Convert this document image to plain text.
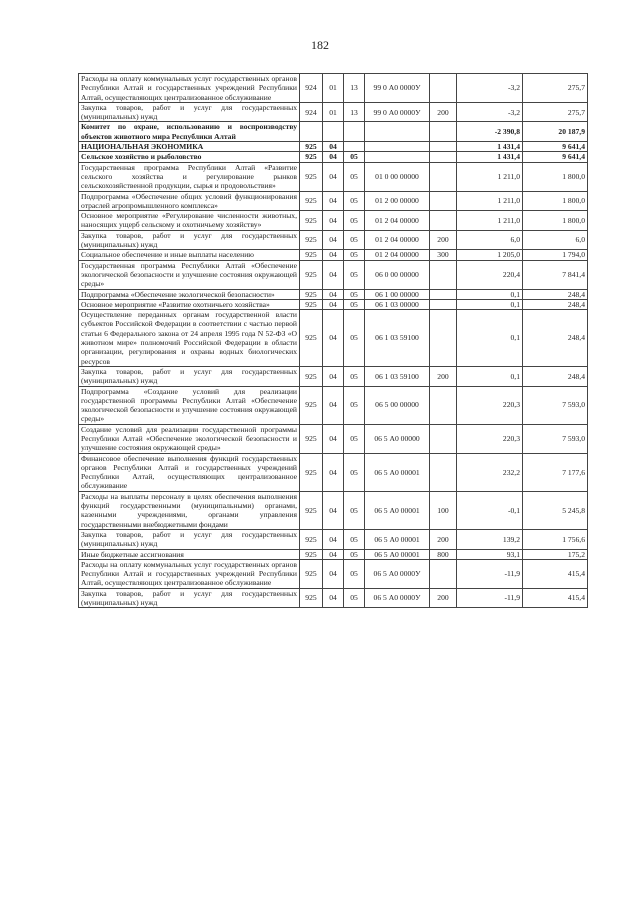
182
Расходы на оплату коммунальных услуг государственных органов Республики Алтай и государственных учреждений Республики Алтай, осуществляющих централизованное обслуживание	924	01	13	99 0 А0 0000У		-3,2	275,7
Закупка товаров, работ и услуг для государственных (муниципальных) нужд	924	01	13	99 0 А0 0000У	200	-3,2	275,7
Комитет по охране, использованию и воспроизводству объектов животного мира Республики Алтай						-2 390,8	20 187,9
НАЦИОНАЛЬНАЯ ЭКОНОМИКА	925	04				1 431,4	9 641,4
Сельское хозяйство и рыболовство	925	04	05			1 431,4	9 641,4
Государственная программа Республики Алтай «Развитие сельского хозяйства и регулирование рынков сельскохозяйственной продукции, сырья и продовольствия»	925	04	05	01 0 00 00000		1 211,0	1 800,0
Подпрограмма «Обеспечение общих условий функционирования отраслей агропромышленного комплекса»	925	04	05	01 2 00 00000		1 211,0	1 800,0
Основное мероприятие «Регулирование численности животных, наносящих ущерб сельскому и охотничьему хозяйству»	925	04	05	01 2 04 00000		1 211,0	1 800,0
Закупка товаров, работ и услуг для государственных (муниципальных) нужд	925	04	05	01 2 04 00000	200	6,0	6,0
Социальное обеспечение и иные выплаты населению	925	04	05	01 2 04 00000	300	1 205,0	1 794,0
Государственная программа Республики Алтай «Обеспечение экологической безопасности и улучшение состояния окружающей среды»	925	04	05	06 0 00 00000		220,4	7 841,4
Подпрограмма «Обеспечение экологической безопасности»	925	04	05	06 1 00 00000		0,1	248,4
Основное мероприятие «Развитие охотничьего хозяйства»	925	04	05	06 1 03 00000		0,1	248,4
Осуществление переданных органам государственной власти субъектов Российской Федерации в соответствии с частью первой статьи 6 Федерального закона от 24 апреля 1995 года N 52-ФЗ «О животном мире» полномочий Российской Федерации в области организации, регулирования и охраны водных биологических ресурсов	925	04	05	06 1 03 59100		0,1	248,4
Закупка товаров, работ и услуг для государственных (муниципальных) нужд	925	04	05	06 1 03 59100	200	0,1	248,4
Подпрограмма «Создание условий для реализации государственной программы Республики Алтай «Обеспечение экологической безопасности и улучшение состояния окружающей среды»	925	04	05	06 5 00 00000		220,3	7 593,0
Создание условий для реализации государственной программы Республики Алтай «Обеспечение экологической безопасности и улучшение состояния окружающей среды»	925	04	05	06 5 А0 00000		220,3	7 593,0
Финансовое обеспечение выполнения функций государственных органов Республики Алтай и государственных учреждений Республики Алтай, осуществляющих централизованное обслуживание	925	04	05	06 5 А0 00001		232,2	7 177,6
Расходы на выплаты персоналу в целях обеспечения выполнения функций государственными (муниципальными) органами, казенными учреждениями, органами управления государственными внебюджетными фондами	925	04	05	06 5 А0 00001	100	-0,1	5 245,8
Закупка товаров, работ и услуг для государственных (муниципальных) нужд	925	04	05	06 5 А0 00001	200	139,2	1 756,6
Иные бюджетные ассигнования	925	04	05	06 5 А0 00001	800	93,1	175,2
Расходы на оплату коммунальных услуг государственных органов Республики Алтай и государственных учреждений Республики Алтай, осуществляющих централизованное обслуживание	925	04	05	06 5 А0 0000У		-11,9	415,4
Закупка товаров, работ и услуг для государственных (муниципальных) нужд	925	04	05	06 5 А0 0000У	200	-11,9	415,4
